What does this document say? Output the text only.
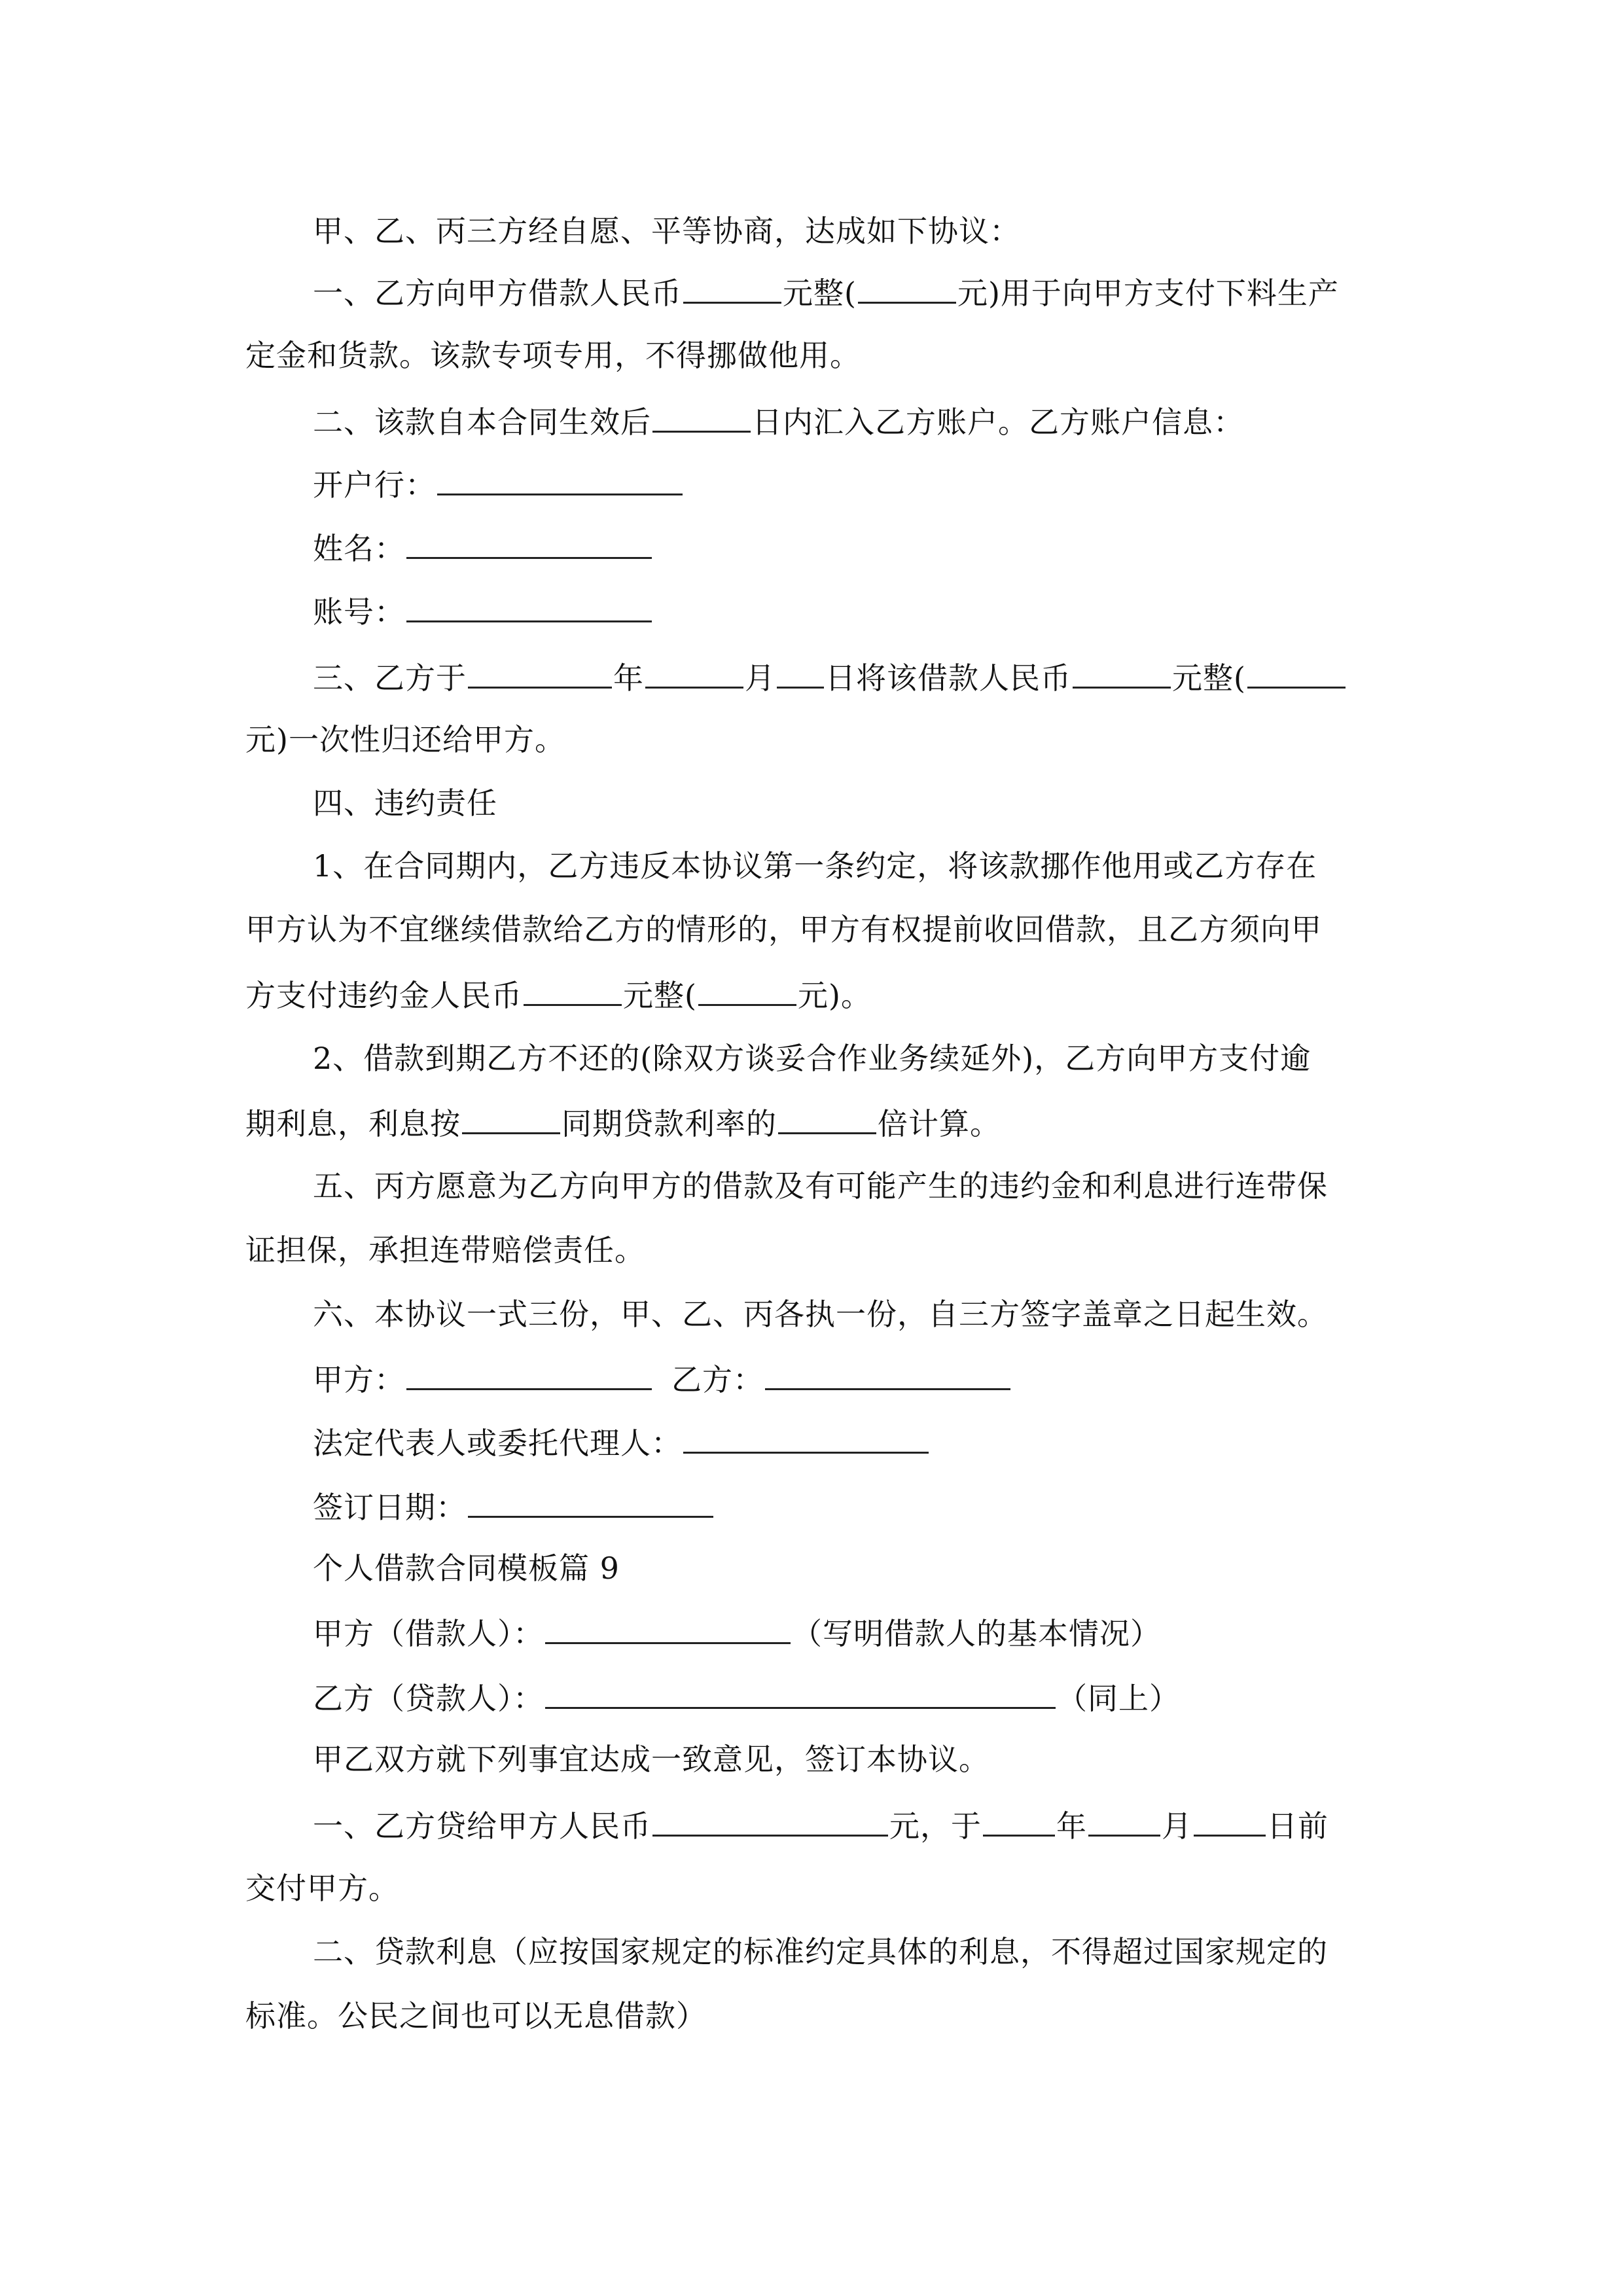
甲、乙、丙三方经自愿、平等协商，达成如下协议：
一、乙方向甲方借款人民币	元整(	元)用于向甲方支付下料生产
定金和货款。该款专项专用，不得挪做他用。
二、该款自本合同生效后	日内汇入乙方账户。乙方账户信息：
开户行：
姓名：
账号：
三、乙方于	年	月 日将该借款人民币	元整(
元)一次性归还给甲方。
四、违约责任
1、在合同期内，乙方违反本协议第一条约定，将该款挪作他用或乙方存在
甲方认为不宜继续借款给乙方的情形的，甲方有权提前收回借款，且乙方须向甲
方支付违约金人民币	元整(	元)。
2、借款到期乙方不还的(除双方谈妥合作业务续延外)，乙方向甲方支付逾
期利息，利息按	同期贷款利率的	倍计算。
五、丙方愿意为乙方向甲方的借款及有可能产生的违约金和利息进行连带保
证担保，承担连带赔偿责任。
六、本协议一式三份，甲、乙、丙各执一份，自三方签字盖章之日起生效。
甲方：	乙方：
法定代表人或委托代理人：
签订日期：
个人借款合同模板篇 9
甲方（借款人）：	（写明借款人的基本情况）
乙方（贷款人）：	（同上）
甲乙双方就下列事宜达成一致意见，签订本协议。
一、乙方贷给甲方人民币	元，于 年 月 日前
交付甲方。
二、贷款利息（应按国家规定的标准约定具体的利息，不得超过国家规定的
标准。公民之间也可以无息借款）
